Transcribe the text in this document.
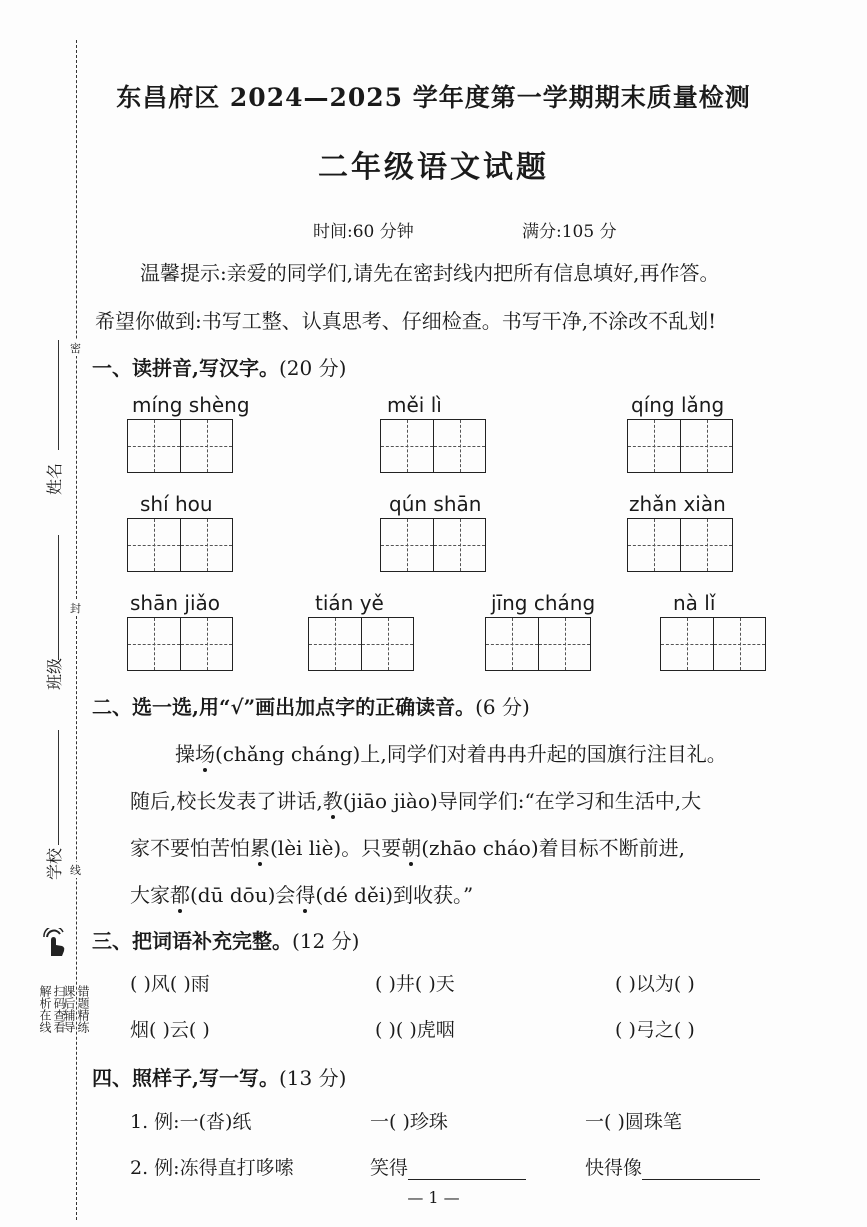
密
封
线
姓名
班级
学校
扫码查看
解析在线	错题精练
课后辅导
东昌府区 2024—2025 学年度第一学期期末质量检测
二年级语文试题
时间:60 分钟	满分:105 分
温馨提示:亲爱的同学们,请先在密封线内把所有信息填好,再作答。
希望你做到:书写工整、认真思考、仔细检查。书写干净,不涂改不乱划!
一、读拼音,写汉字。(20 分)
míng shèng	měi lì	qíng lǎng
shí hou	qún shān	zhǎn xiàn
shān jiǎo	tián yě	jīng cháng	nà lǐ
二、选一选,用“√”画出加点字的正确读音。(6 分)
操场(chǎng cháng)上,同学们对着冉冉升起的国旗行注目礼。
随后,校长发表了讲话,教(jiāo jiào)导同学们:“在学习和生活中,大
家不要怕苦怕累(lèi liè)。只要朝(zhāo cháo)着目标不断前进,
大家都(dū dōu)会得(dé děi)到收获。”
三、把词语补充完整。(12 分)
( )风( )雨	( )井( )天	( )以为( )
烟( )云( )	( )( )虎咽	( )弓之( )
四、照样子,写一写。(13 分)
1. 例:一(沓)纸	一( )珍珠	一( )圆珠笔
2. 例:冻得直打哆嗦	笑得	快得像
— 1 —
